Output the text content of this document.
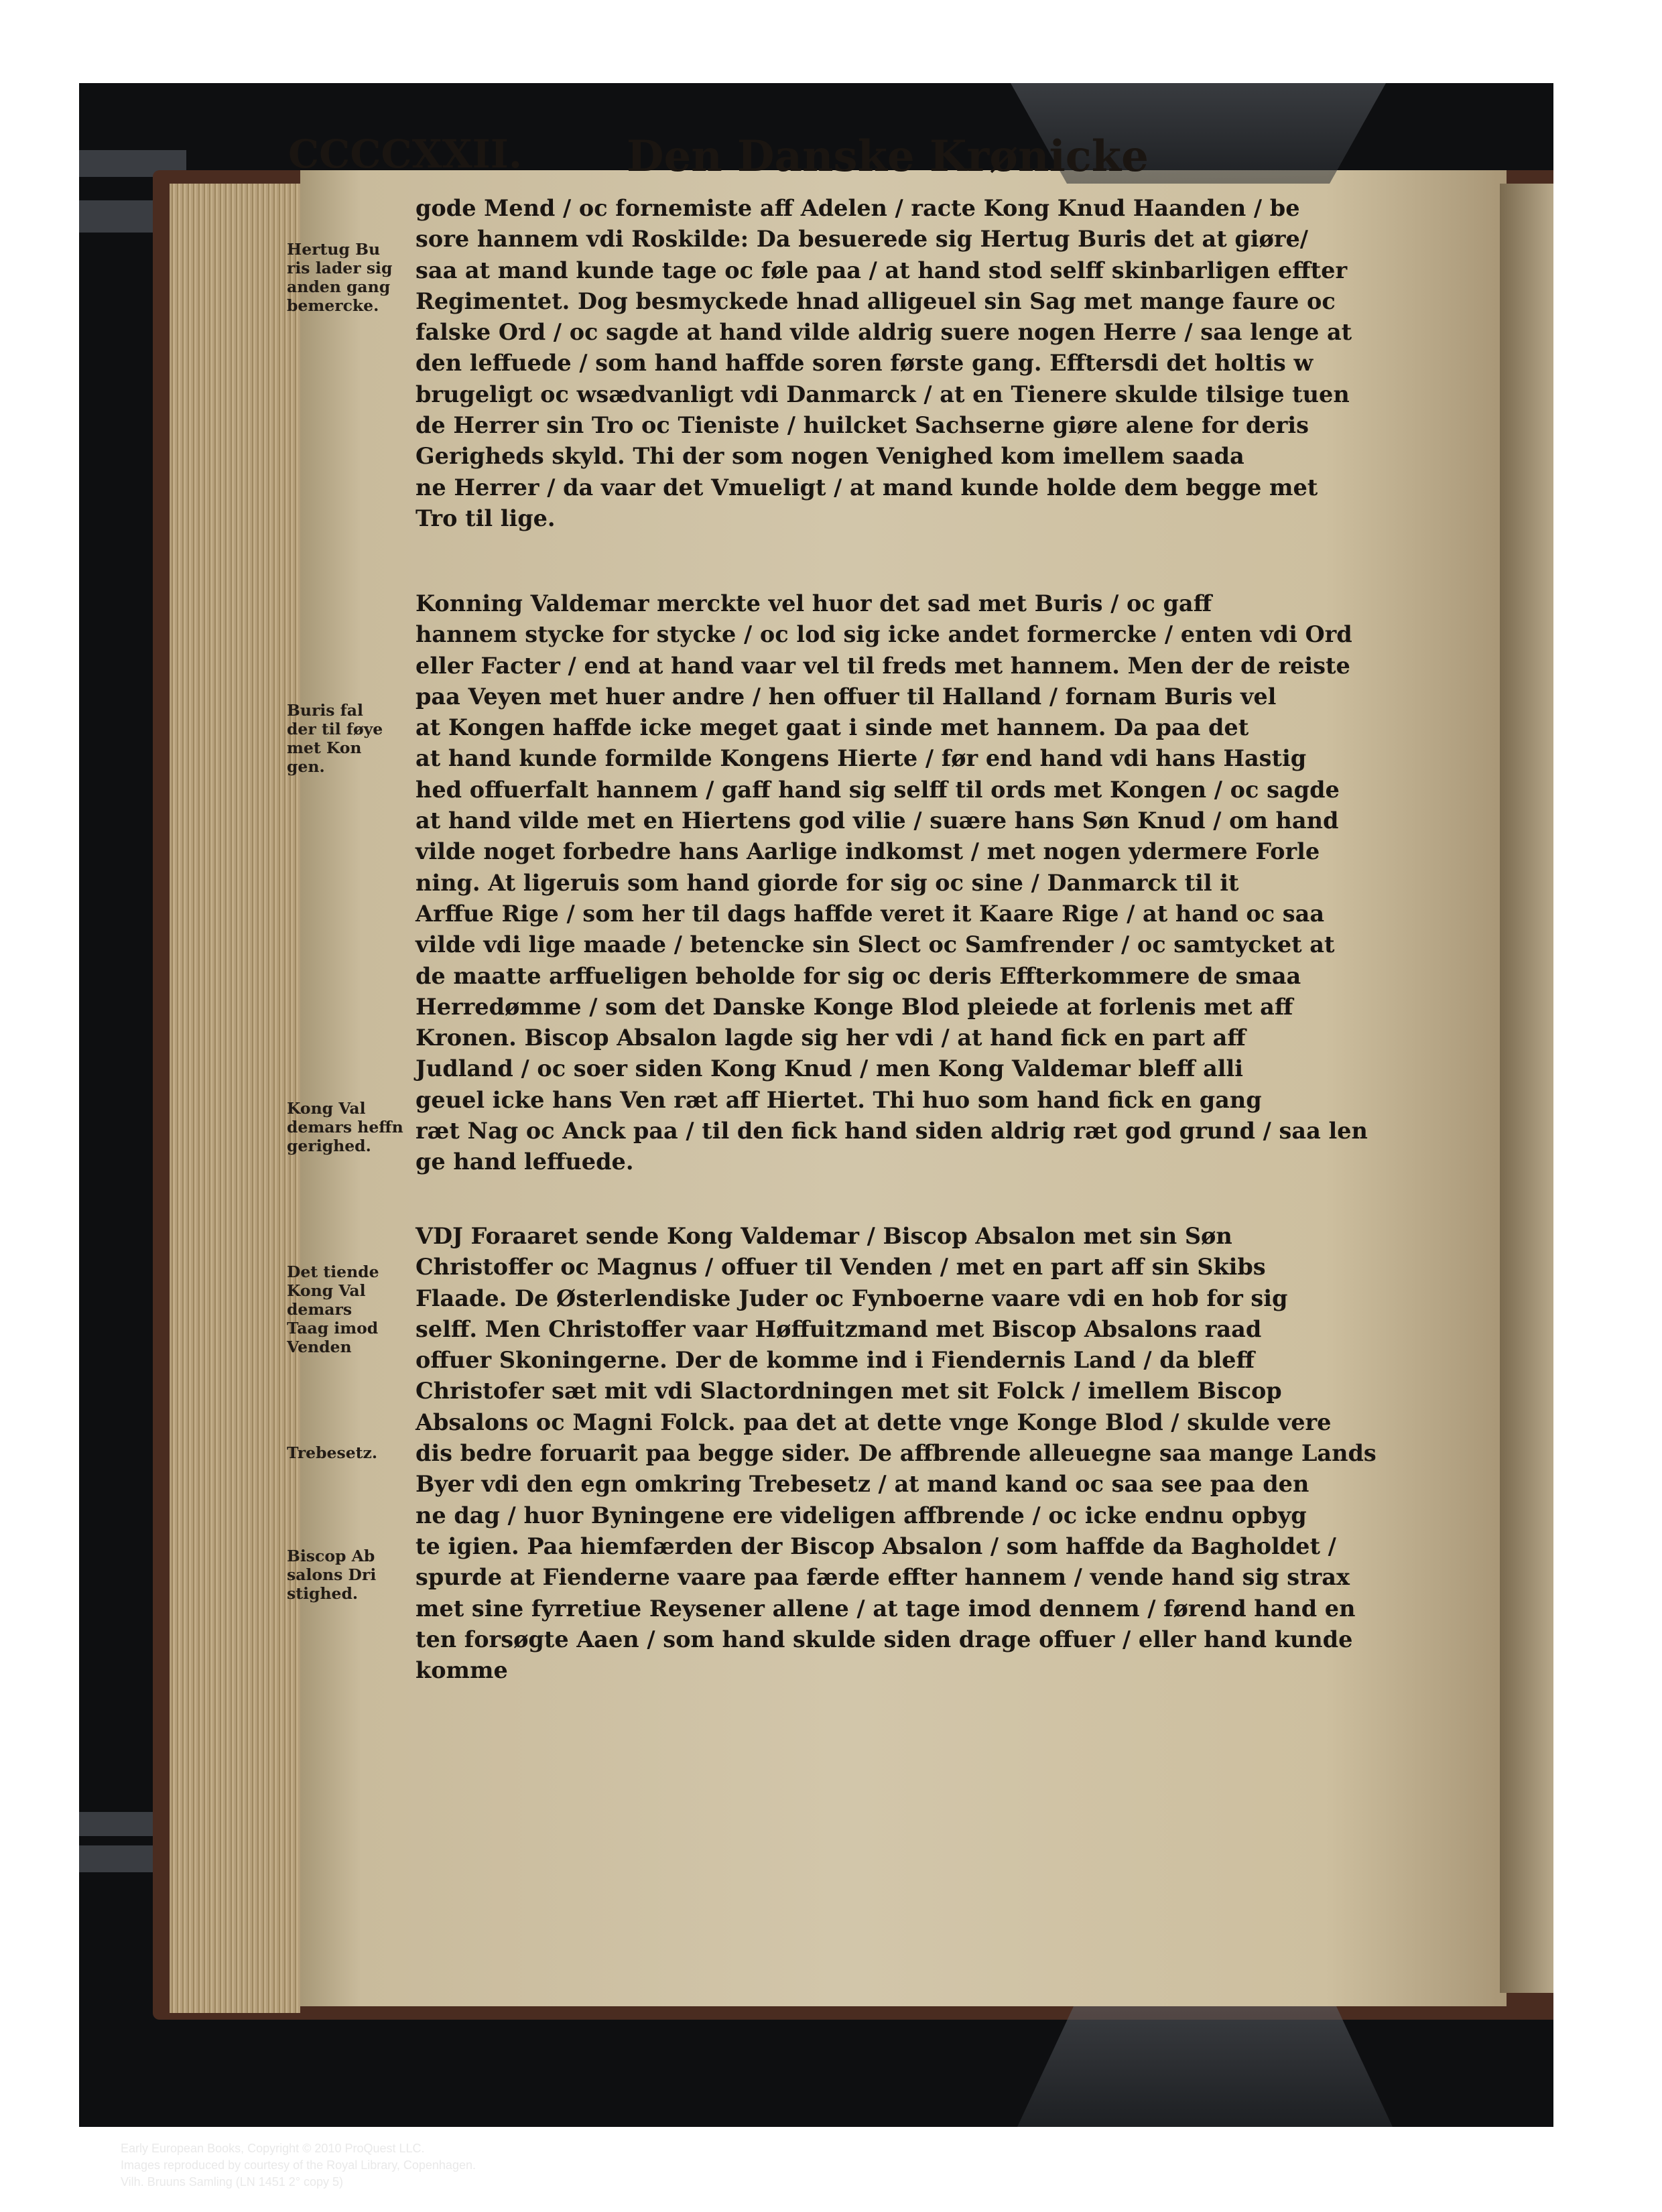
CCCCXXII. Den Danske Krønicke
gode Mend / oc fornemiste aff Adelen / racte Kong Knud Haanden / be
sore hannem vdi Roskilde: Da besuerede sig Hertug Buris det at giøre/
saa at mand kunde tage oc føle paa / at hand stod selff skinbarligen effter
Regimentet. Dog besmyckede hnad alligeuel sin Sag met mange faure oc
falske Ord / oc sagde at hand vilde aldrig suere nogen Herre / saa lenge at
den leffuede / som hand haffde soren første gang. Efftersdi det holtis w
brugeligt oc wsædvanligt vdi Danmarck / at en Tienere skulde tilsige tuen
de Herrer sin Tro oc Tieniste / huilcket Sachserne giøre alene for deris
Gerigheds skyld. Thi der som nogen Venighed kom imellem saada
ne Herrer / da vaar det Vmueligt / at mand kunde holde dem begge met
Tro til lige.
Konning Valdemar merckte vel huor det sad met Buris / oc gaff
hannem stycke for stycke / oc lod sig icke andet formercke / enten vdi Ord
eller Facter / end at hand vaar vel til freds met hannem. Men der de reiste
paa Veyen met huer andre / hen offuer til Halland / fornam Buris vel
at Kongen haffde icke meget gaat i sinde met hannem. Da paa det
at hand kunde formilde Kongens Hierte / før end hand vdi hans Hastig
hed offuerfalt hannem / gaff hand sig selff til ords met Kongen / oc sagde
at hand vilde met en Hiertens god vilie / suære hans Søn Knud / om hand
vilde noget forbedre hans Aarlige indkomst / met nogen ydermere Forle
ning. At ligeruis som hand giorde for sig oc sine / Danmarck til it
Arffue Rige / som her til dags haffde veret it Kaare Rige / at hand oc saa
vilde vdi lige maade / betencke sin Slect oc Samfrender / oc samtycket at
de maatte arffueligen beholde for sig oc deris Effterkommere de smaa
Herredømme / som det Danske Konge Blod pleiede at forlenis met aff
Kronen. Biscop Absalon lagde sig her vdi / at hand fick en part aff
Judland / oc soer siden Kong Knud / men Kong Valdemar bleff alli
geuel icke hans Ven ræt aff Hiertet. Thi huo som hand fick en gang
ræt Nag oc Anck paa / til den fick hand siden aldrig ræt god grund / saa len
ge hand leffuede.
VDJ Foraaret sende Kong Valdemar / Biscop Absalon met sin Søn
Christoffer oc Magnus / offuer til Venden / met en part aff sin Skibs
Flaade. De Østerlendiske Juder oc Fynboerne vaare vdi en hob for sig
selff. Men Christoffer vaar Høffuitzmand met Biscop Absalons raad
offuer Skoningerne. Der de komme ind i Fiendernis Land / da bleff
Christofer sæt mit vdi Slactordningen met sit Folck / imellem Biscop
Absalons oc Magni Folck. paa det at dette vnge Konge Blod / skulde vere
dis bedre foruarit paa begge sider. De affbrende alleuegne saa mange Lands
Byer vdi den egn omkring Trebesetz / at mand kand oc saa see paa den
ne dag / huor Byningene ere videligen affbrende / oc icke endnu opbyg
te igien. Paa hiemfærden der Biscop Absalon / som haffde da Bagholdet /
spurde at Fienderne vaare paa færde effter hannem / vende hand sig strax
met sine fyrretiue Reysener allene / at tage imod dennem / førend hand en
ten forsøgte Aaen / som hand skulde siden drage offuer / eller hand kunde
komme
Hertug Bu
ris lader sig
anden gang
bemercke.
Buris fal
der til føye
met Kon
gen.
Kong Val
demars heffn
gerighed.
Det tiende
Kong Val
demars
Taag imod
Venden
Trebesetz.
Biscop Ab
salons Dri
stighed.
Early European Books, Copyright © 2010 ProQuest LLC.
Images reproduced by courtesy of the Royal Library, Copenhagen.
Vilh. Bruuns Samling (LN 1451 2° copy 5)
